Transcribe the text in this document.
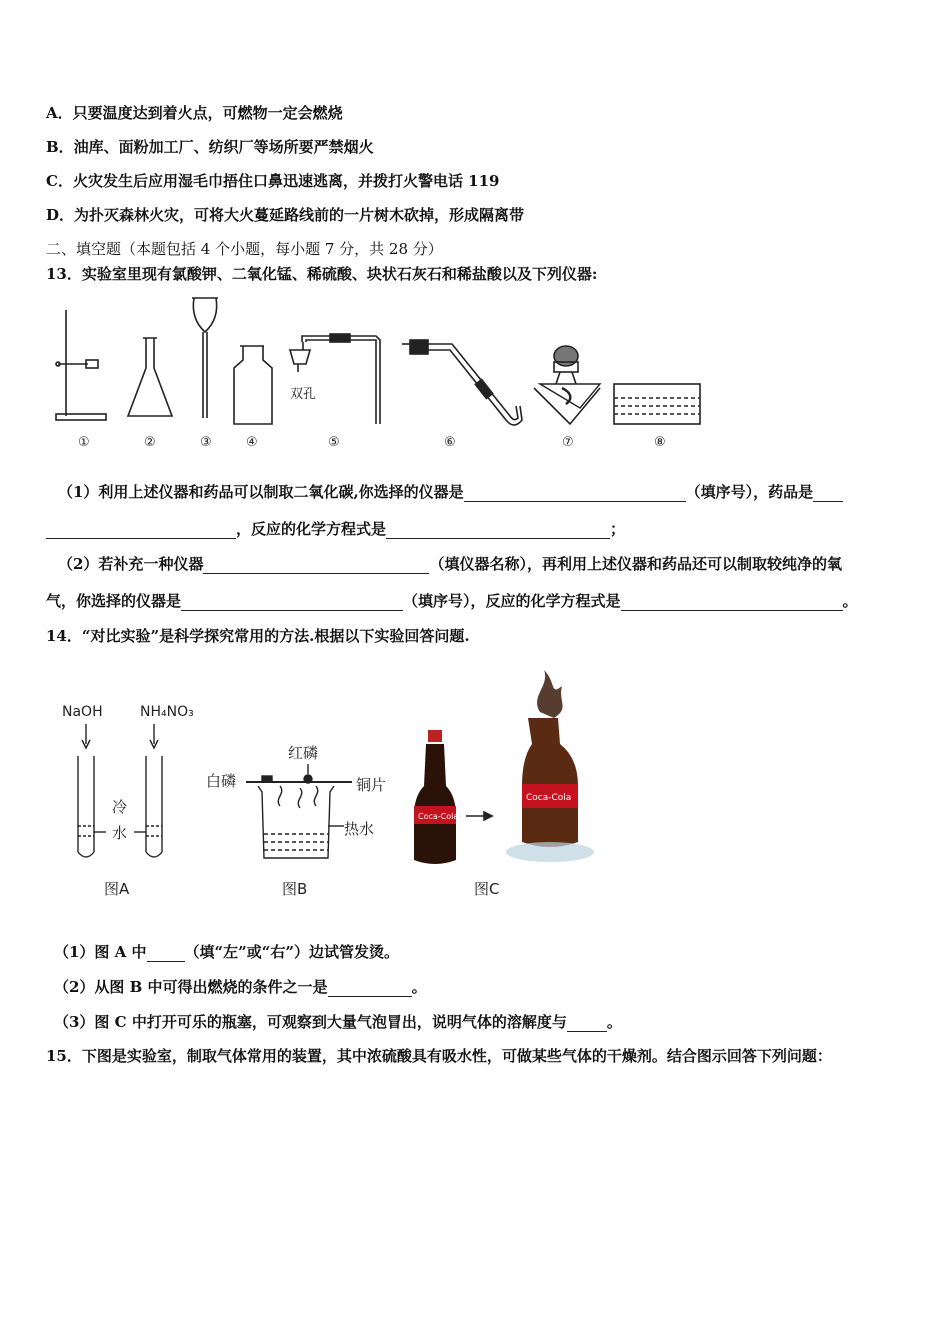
A．只要温度达到着火点，可燃物一定会燃烧
B．油库、面粉加工厂、纺织厂等场所要严禁烟火
C．火灾发生后应用湿毛巾捂住口鼻迅速逃离，并拨打火警电话 119
D．为扑灭森林火灾，可将大火蔓延路线前的一片树木砍掉，形成隔离带
二、填空题（本题包括 4 个小题，每小题 7 分，共 28 分）
13．实验室里现有氯酸钾、二氧化锰、稀硫酸、块状石灰石和稀盐酸以及下列仪器:
双孔
①	②	③	④	⑤	⑥	⑦	⑧
（1）利用上述仪器和药品可以制取二氧化碳,你选择的仪器是	（填序号），药品是
，反应的化学方程式是	；
（2）若补充一种仪器	（填仪器名称），再利用上述仪器和药品还可以制取较纯净的氧
气，你选择的仪器是	（填序号），反应的化学方程式是	。
14．“对比实验”是科学探究常用的方法.根据以下实验回答问题.
NaOH	NH₄NO₃
冷
水
图A
红磷
白磷	铜片
热水
图B
Coca-Cola
Coca-Cola
图C
（1）图 A 中	（填“左”或“右”）边试管发烫。
（2）从图 B 中可得出燃烧的条件之一是	。
（3）图 C 中打开可乐的瓶塞，可观察到大量气泡冒出，说明气体的溶解度与	。
15．下图是实验室，制取气体常用的装置，其中浓硫酸具有吸水性，可做某些气体的干燥剂。结合图示回答下列问题：
